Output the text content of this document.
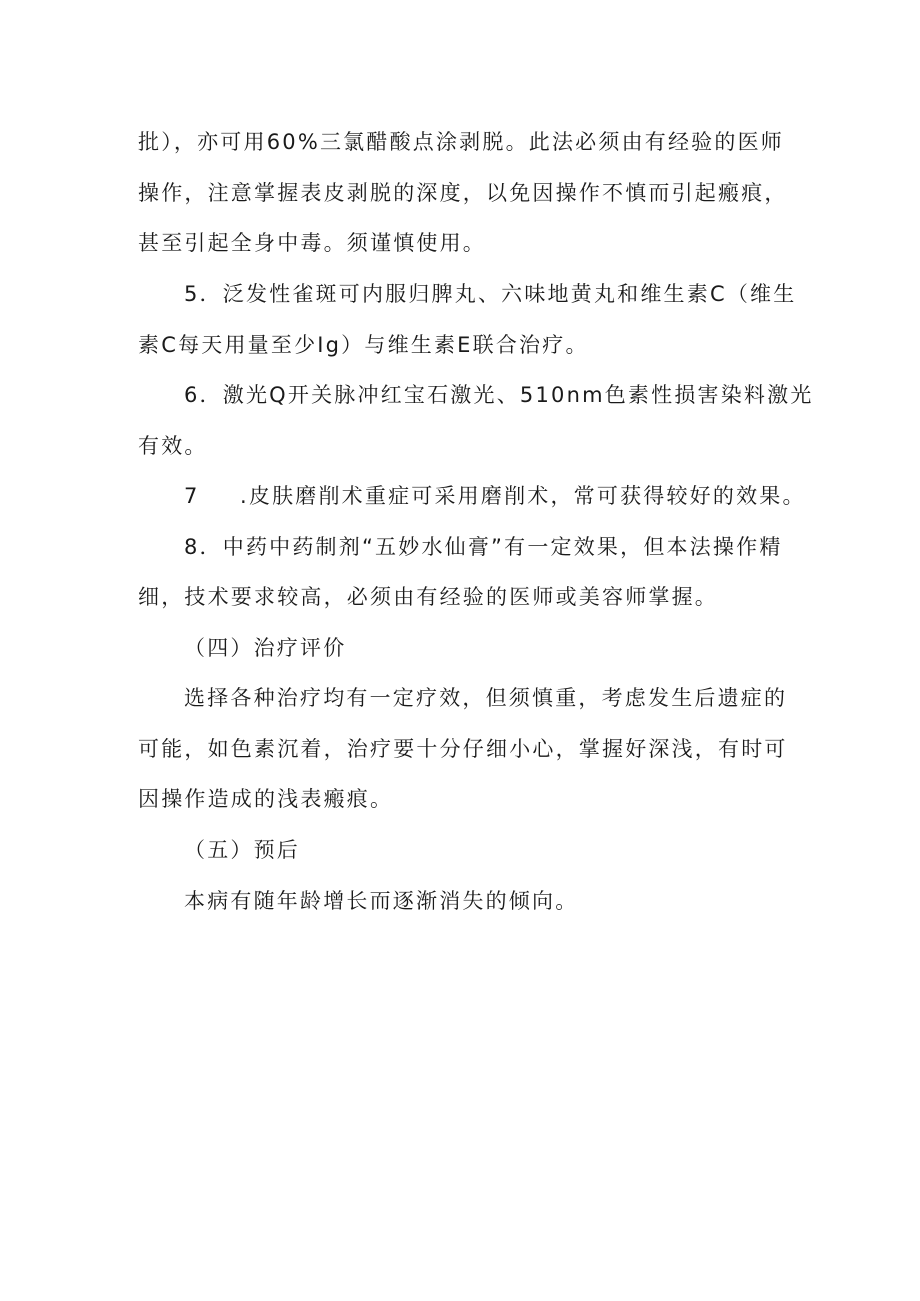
批），亦可用60%三氯醋酸点涂剥脱。此法必须由有经验的医师
操作，注意掌握表皮剥脱的深度，以免因操作不慎而引起瘢痕，
甚至引起全身中毒。须谨慎使用。
5．泛发性雀斑可内服归脾丸、六味地黄丸和维生素C（维生
素C每天用量至少Ig）与维生素E联合治疗。
6．激光Q开关脉冲红宝石激光、510nm色素性损害染料激光
有效。
7 .皮肤磨削术重症可采用磨削术，常可获得较好的效果。
8．中药中药制剂“五妙水仙膏”有一定效果，但本法操作精
细，技术要求较高，必须由有经验的医师或美容师掌握。
（四）治疗评价
选择各种治疗均有一定疗效，但须慎重，考虑发生后遗症的
可能，如色素沉着，治疗要十分仔细小心，掌握好深浅，有时可
因操作造成的浅表瘢痕。
（五）预后
本病有随年龄增长而逐渐消失的倾向。
